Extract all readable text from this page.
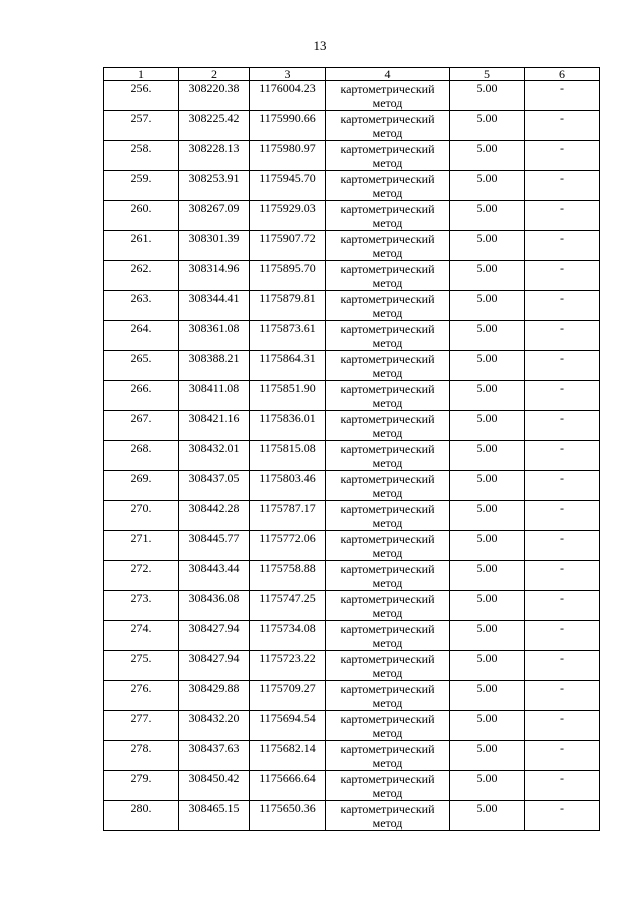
13
1	2	3	4	5	6
256.	308220.38	1176004.23	картометрический метод	5.00	-
257.	308225.42	1175990.66	картометрический метод	5.00	-
258.	308228.13	1175980.97	картометрический метод	5.00	-
259.	308253.91	1175945.70	картометрический метод	5.00	-
260.	308267.09	1175929.03	картометрический метод	5.00	-
261.	308301.39	1175907.72	картометрический метод	5.00	-
262.	308314.96	1175895.70	картометрический метод	5.00	-
263.	308344.41	1175879.81	картометрический метод	5.00	-
264.	308361.08	1175873.61	картометрический метод	5.00	-
265.	308388.21	1175864.31	картометрический метод	5.00	-
266.	308411.08	1175851.90	картометрический метод	5.00	-
267.	308421.16	1175836.01	картометрический метод	5.00	-
268.	308432.01	1175815.08	картометрический метод	5.00	-
269.	308437.05	1175803.46	картометрический метод	5.00	-
270.	308442.28	1175787.17	картометрический метод	5.00	-
271.	308445.77	1175772.06	картометрический метод	5.00	-
272.	308443.44	1175758.88	картометрический метод	5.00	-
273.	308436.08	1175747.25	картометрический метод	5.00	-
274.	308427.94	1175734.08	картометрический метод	5.00	-
275.	308427.94	1175723.22	картометрический метод	5.00	-
276.	308429.88	1175709.27	картометрический метод	5.00	-
277.	308432.20	1175694.54	картометрический метод	5.00	-
278.	308437.63	1175682.14	картометрический метод	5.00	-
279.	308450.42	1175666.64	картометрический метод	5.00	-
280.	308465.15	1175650.36	картометрический метод	5.00	-
